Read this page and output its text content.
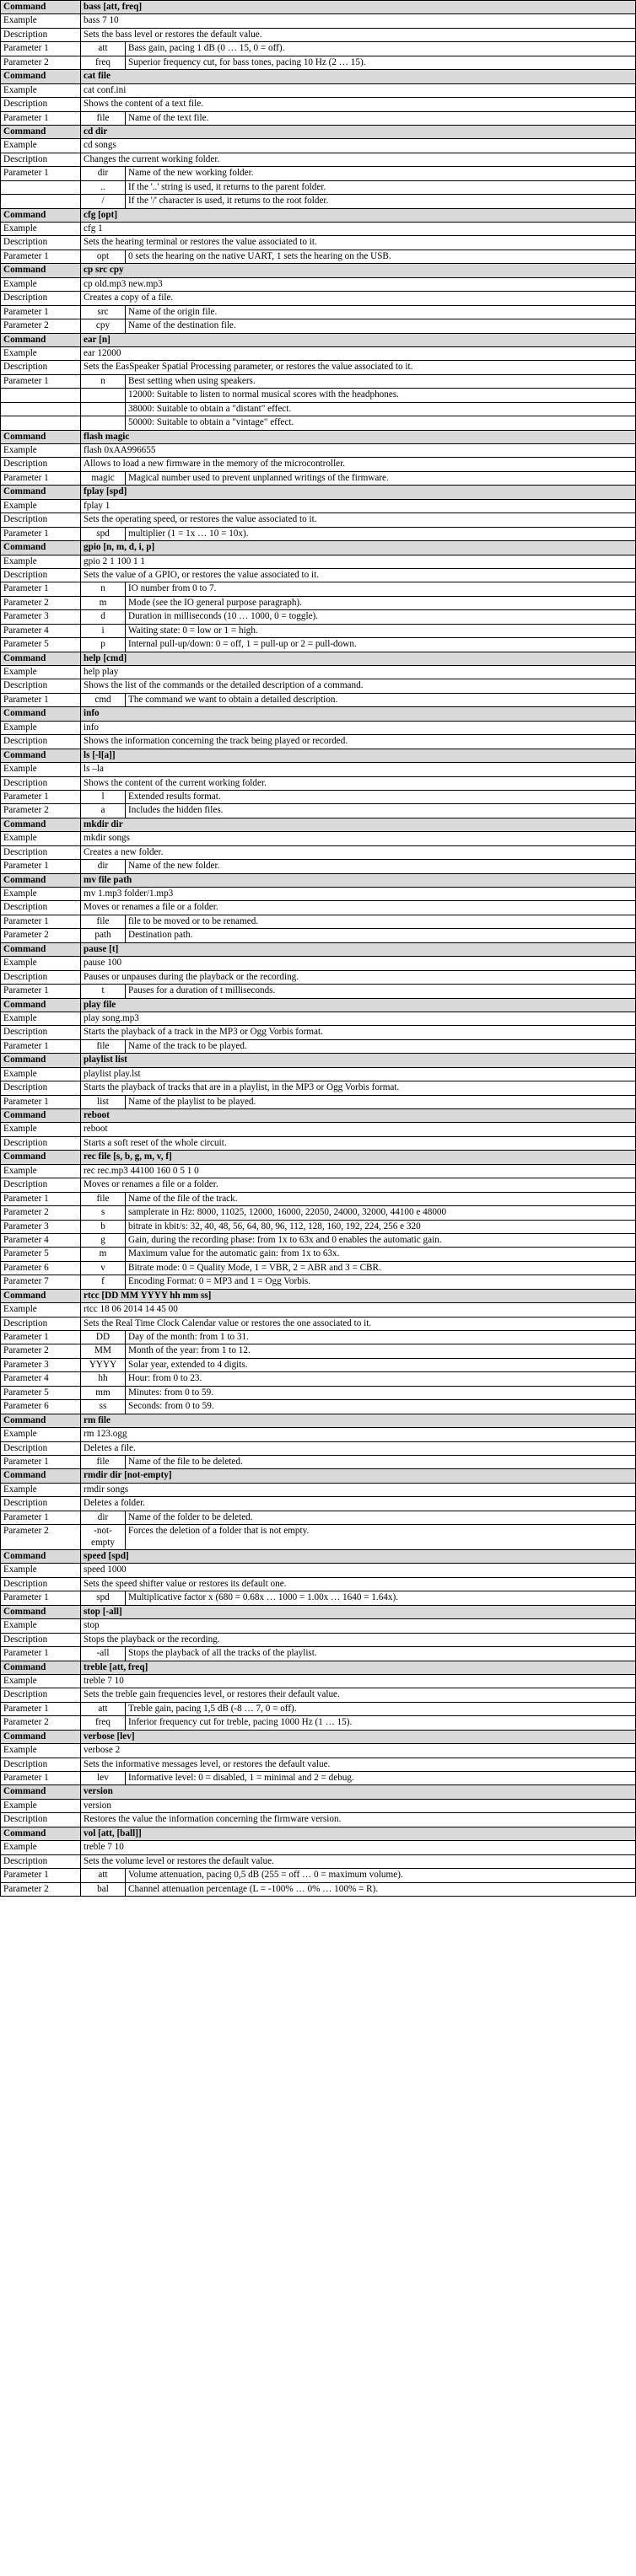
Command	bass [att, freq]	
Example	bass 7 10	
Description	Sets the bass level or restores the default value.	
Parameter 1	att	Bass gain, pacing 1 dB (0 … 15, 0 = off).
Parameter 2	freq	Superior frequency cut, for bass tones, pacing 10 Hz (2 … 15).
Command	cat file	
Example	cat conf.ini	
Description	Shows the content of a text file.	
Parameter 1	file	Name of the text file.
Command	cd dir	
Example	cd songs	
Description	Changes the current working folder.	
Parameter 1	dir	Name of the new working folder.
	..	If the '..' string is used, it returns to the parent folder.
	/	If the '/' character is used, it returns to the root folder.
Command	cfg [opt]	
Example	cfg 1	
Description	Sets the hearing terminal or restores the value associated to it.	
Parameter 1	opt	0 sets the hearing on the native UART, 1 sets the hearing on the USB.
Command	cp src cpy	
Example	cp old.mp3 new.mp3	
Description	Creates a copy of a file.	
Parameter 1	src	Name of the origin file.
Parameter 2	cpy	Name of the destination file.
Command	ear [n]	
Example	ear 12000	
Description	Sets the EasSpeaker Spatial Processing parameter, or restores the value associated to it.	
Parameter 1	n	Best setting when using speakers.
		12000: Suitable to listen to normal musical scores with the headphones.
		38000: Suitable to obtain a "distant" effect.
		50000: Suitable to obtain a "vintage" effect.
Command	flash magic	
Example	flash 0xAA996655	
Description	Allows to load a new firmware in the memory of the microcontroller.	
Parameter 1	magic	Magical number used to prevent unplanned writings of the firmware.
Command	fplay [spd]	
Example	fplay 1	
Description	Sets the operating speed, or restores the value associated to it.	
Parameter 1	spd	multiplier (1 = 1x … 10 = 10x).
Command	gpio [n, m, d, i, p]	
Example	gpio 2 1 100 1 1	
Description	Sets the value of a GPIO, or restores the value associated to it.	
Parameter 1	n	IO number from 0 to 7.
Parameter 2	m	Mode (see the IO general purpose paragraph).
Parameter 3	d	Duration in milliseconds (10 … 1000, 0 = toggle).
Parameter 4	i	Waiting state: 0 = low or 1 = high.
Parameter 5	p	Internal pull-up/down: 0 = off, 1 = pull-up or 2 = pull-down.
Command	help [cmd]	
Example	help play	
Description	Shows the list of the commands or the detailed description of a command.	
Parameter 1	cmd	The command we want to obtain a detailed description.
Command	info	
Example	info	
Description	Shows the information concerning the track being played or recorded.	
Command	ls [-l[a]]	
Example	ls –la	
Description	Shows the content of the current working folder.	
Parameter 1	l	Extended results format.
Parameter 2	a	Includes the hidden files.
Command	mkdir dir	
Example	mkdir songs	
Description	Creates a new folder.	
Parameter 1	dir	Name of the new folder.
Command	mv file path	
Example	mv 1.mp3 folder/1.mp3	
Description	Moves or renames a file or a folder.	
Parameter 1	file	file to be moved or to be renamed.
Parameter 2	path	Destination path.
Command	pause [t]	
Example	pause 100	
Description	Pauses or unpauses during the playback or the recording.	
Parameter 1	t	Pauses for a duration of t milliseconds.
Command	play file	
Example	play song.mp3	
Description	Starts the playback of a track in the MP3 or Ogg Vorbis format.	
Parameter 1	file	Name of the track to be played.
Command	playlist list	
Example	playlist play.lst	
Description	Starts the playback of tracks that are in a playlist, in the MP3 or Ogg Vorbis format.	
Parameter 1	list	Name of the playlist to be played.
Command	reboot	
Example	reboot	
Description	Starts a soft reset of the whole circuit.	
Command	rec file [s, b, g, m, v, f]	
Example	rec rec.mp3 44100 160 0 5 1 0	
Description	Moves or renames a file or a folder.	
Parameter 1	file	Name of the file of the track.
Parameter 2	s	samplerate in Hz: 8000, 11025, 12000, 16000, 22050, 24000, 32000, 44100 e 48000
Parameter 3	b	bitrate in kbit/s: 32, 40, 48, 56, 64, 80, 96, 112, 128, 160, 192, 224, 256 e 320
Parameter 4	g	Gain, during the recording phase: from 1x to 63x and 0 enables the automatic gain.
Parameter 5	m	Maximum value for the automatic gain: from 1x to 63x.
Parameter 6	v	Bitrate mode: 0 = Quality Mode, 1 = VBR, 2 = ABR and 3 = CBR.
Parameter 7	f	Encoding Format: 0 = MP3 and 1 = Ogg Vorbis.
Command	rtcc [DD MM YYYY hh mm ss]	
Example	rtcc 18 06 2014 14 45 00	
Description	Sets the Real Time Clock Calendar value or restores the one associated to it.	
Parameter 1	DD	Day of the month: from 1 to 31.
Parameter 2	MM	Month of the year: from 1 to 12.
Parameter 3	YYYY	Solar year, extended to 4 digits.
Parameter 4	hh	Hour: from 0 to 23.
Parameter 5	mm	Minutes: from 0 to 59.
Parameter 6	ss	Seconds: from 0 to 59.
Command	rm file	
Example	rm 123.ogg	
Description	Deletes a file.	
Parameter 1	file	Name of the file to be deleted.
Command	rmdir dir [not-empty]	
Example	rmdir songs	
Description	Deletes a folder.	
Parameter 1	dir	Name of the folder to be deleted.
Parameter 2	-not-empty	Forces the deletion of a folder that is not empty.
Command	speed [spd]	
Example	speed 1000	
Description	Sets the speed shifter value or restores its default one.	
Parameter 1	spd	Multiplicative factor x (680 = 0.68x … 1000 = 1.00x … 1640 = 1.64x).
Command	stop [-all]	
Example	stop	
Description	Stops the playback or the recording.	
Parameter 1	-all	Stops the playback of all the tracks of the playlist.
Command	treble [att, freq]	
Example	treble 7 10	
Description	Sets the treble gain frequencies level, or restores their default value.	
Parameter 1	att	Treble gain, pacing 1,5 dB (-8 … 7, 0 = off).
Parameter 2	freq	Inferior frequency cut for treble, pacing 1000 Hz (1 … 15).
Command	verbose [lev]	
Example	verbose 2	
Description	Sets the informative messages level, or restores the default value.	
Parameter 1	lev	Informative level: 0 = disabled, 1 = minimal and 2 = debug.
Command	version	
Example	version	
Description	Restores the value the information concerning the firmware version.	
Command	vol [att, [ball]]	
Example	treble 7 10	
Description	Sets the volume level or restores the default value.	
Parameter 1	att	Volume attenuation, pacing 0,5 dB (255 = off … 0 = maximum volume).
Parameter 2	bal	Channel attenuation percentage (L = -100% … 0% … 100% = R).
